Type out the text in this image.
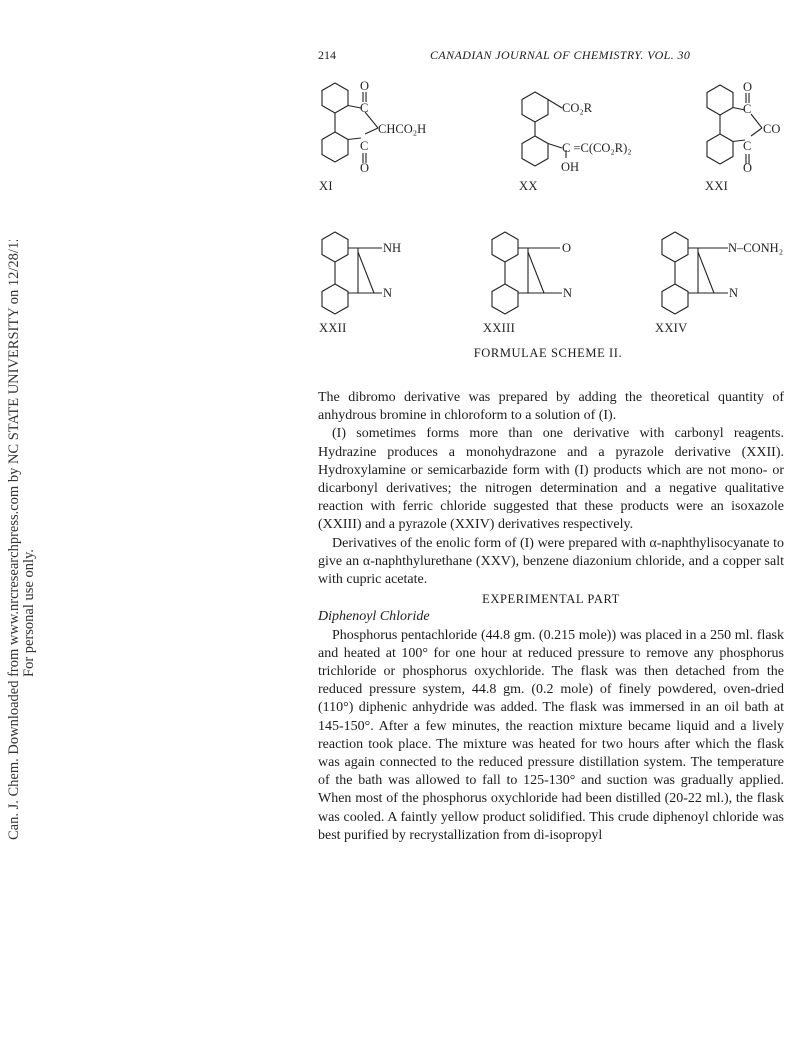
Can. J. Chem. Downloaded from www.nrcresearchpress.com by NC STATE UNIVERSITY on 12/28/12 For personal use only.
214	CANADIAN JOURNAL OF CHEMISTRY. VOL. 30
O
C
CHCO₂H
C
O
XI
CO₂R
C =C(CO₂R)₂
OH
XX
O
C
CO
C
O
XXI
NH
N
XXII
O
N
XXIII
N–CONH₂
N
XXIV
FORMULAE SCHEME II.

The dibromo derivative was prepared by adding the theoretical quantity of anhydrous bromine in chloroform to a solution of (I).

(I) sometimes forms more than one derivative with carbonyl reagents. Hydrazine produces a monohydrazone and a pyrazole derivative (XXII). Hydroxylamine or semicarbazide form with (I) products which are not mono- or dicarbonyl derivatives; the nitrogen determination and a negative qualitative reaction with ferric chloride suggested that these products were an isoxazole (XXIII) and a pyrazole (XXIV) derivatives respectively.

Derivatives of the enolic form of (I) were prepared with α-naphthylisocyanate to give an α-naphthylurethane (XXV), benzene diazonium chloride, and a copper salt with cupric acetate.

EXPERIMENTAL PART

Diphenoyl Chloride

Phosphorus pentachloride (44.8 gm. (0.215 mole)) was placed in a 250 ml. flask and heated at 100° for one hour at reduced pressure to remove any phosphorus trichloride or phosphorus oxychloride. The flask was then detached from the reduced pressure system, 44.8 gm. (0.2 mole) of finely powdered, oven-dried (110°) diphenic anhydride was added. The flask was immersed in an oil bath at 145-150°. After a few minutes, the reaction mixture became liquid and a lively reaction took place. The mixture was heated for two hours after which the flask was again connected to the reduced pressure distillation system. The temperature of the bath was allowed to fall to 125-130° and suction was gradually applied. When most of the phosphorus oxychloride had been distilled (20-22 ml.), the flask was cooled. A faintly yellow product solidified. This crude diphenoyl chloride was best purified by recrystallization from di-isopropyl
